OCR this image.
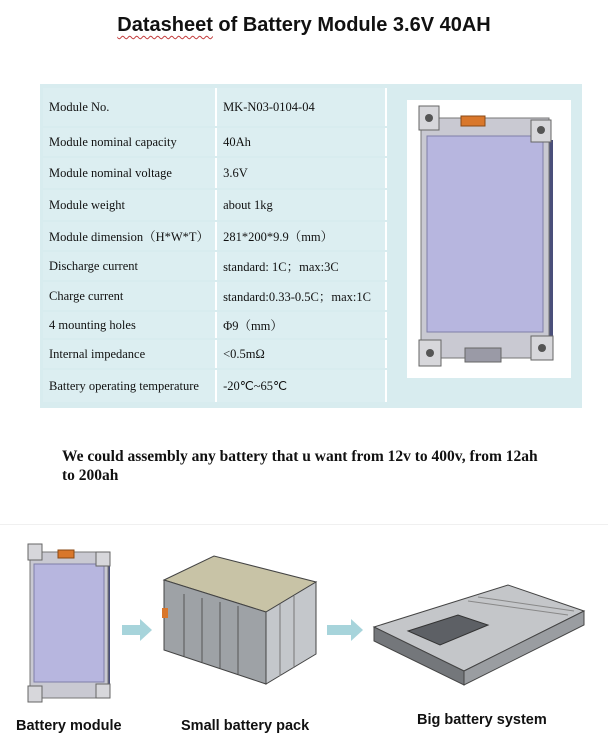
Datasheet of Battery Module 3.6V 40AH
Module No.	MK-N03-0104-04
Module nominal capacity	40Ah
Module nominal voltage	3.6V
Module weight	about 1kg
Module dimension（H*W*T）	281*200*9.9（mm）
Discharge current	standard: 1C；max:3C
Charge current	standard:0.33-0.5C；max:1C
4 mounting holes	Φ9（mm）
Internal impedance	<0.5mΩ
Battery operating temperature	-20℃~65℃
We could assembly any battery that u want from 12v to 400v, from 12ah to 200ah
Battery module	Small battery pack	Big battery system
